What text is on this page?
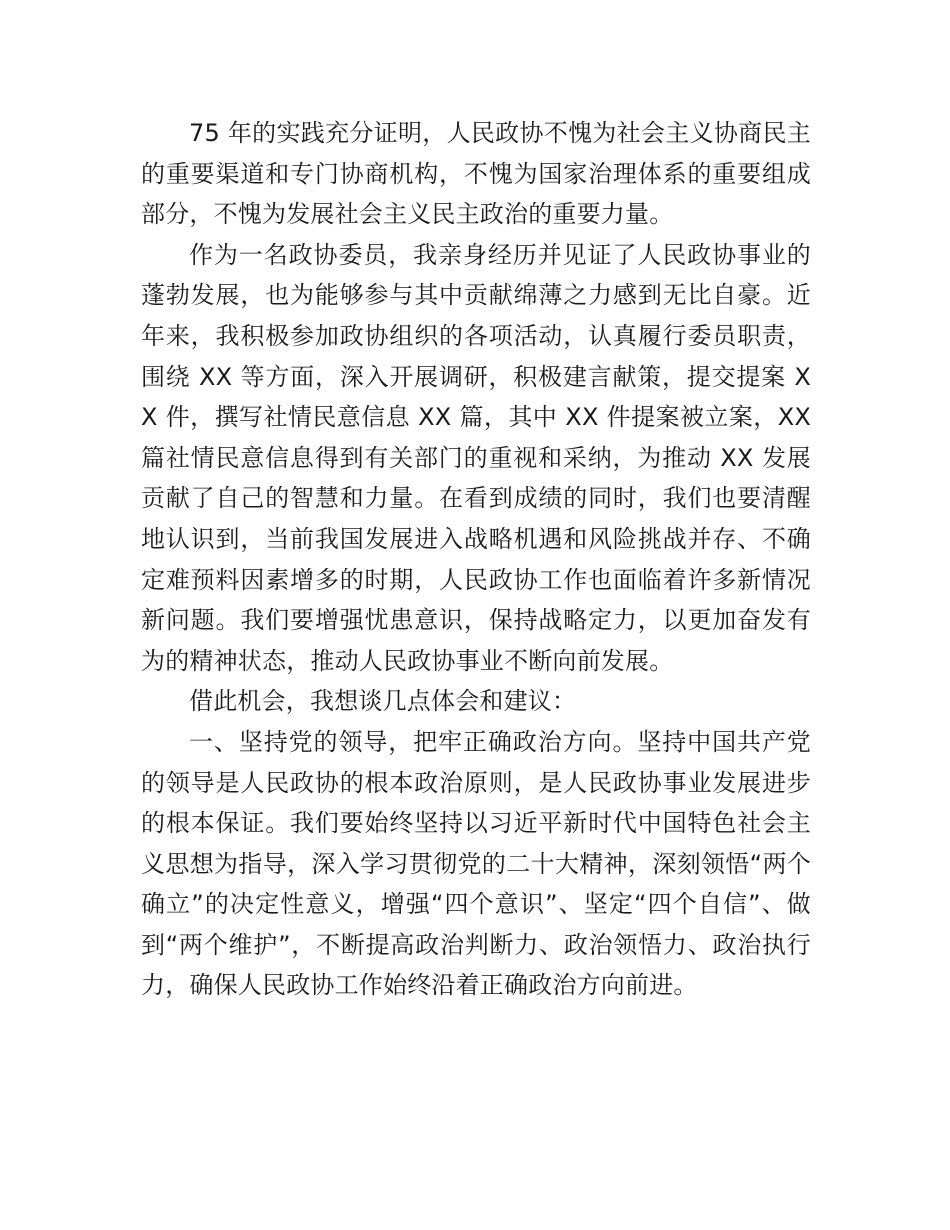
75 年的实践充分证明，人民政协不愧为社会主义协商民主的重要渠道和专门协商机构，不愧为国家治理体系的重要组成部分，不愧为发展社会主义民主政治的重要力量。

作为一名政协委员，我亲身经历并见证了人民政协事业的蓬勃发展，也为能够参与其中贡献绵薄之力感到无比自豪。近年来，我积极参加政协组织的各项活动，认真履行委员职责，围绕 XX 等方面，深入开展调研，积极建言献策，提交提案 XX 件，撰写社情民意信息 XX 篇，其中 XX 件提案被立案，XX 篇社情民意信息得到有关部门的重视和采纳，为推动 XX 发展贡献了自己的智慧和力量。在看到成绩的同时，我们也要清醒地认识到，当前我国发展进入战略机遇和风险挑战并存、不确定难预料因素增多的时期，人民政协工作也面临着许多新情况新问题。我们要增强忧患意识，保持战略定力，以更加奋发有为的精神状态，推动人民政协事业不断向前发展。

借此机会，我想谈几点体会和建议：

一、坚持党的领导，把牢正确政治方向。坚持中国共产党的领导是人民政协的根本政治原则，是人民政协事业发展进步的根本保证。我们要始终坚持以习近平新时代中国特色社会主义思想为指导，深入学习贯彻党的二十大精神，深刻领悟“两个确立”的决定性意义，增强“四个意识”、坚定“四个自信”、做到“两个维护”，不断提高政治判断力、政治领悟力、政治执行力，确保人民政协工作始终沿着正确政治方向前进。
